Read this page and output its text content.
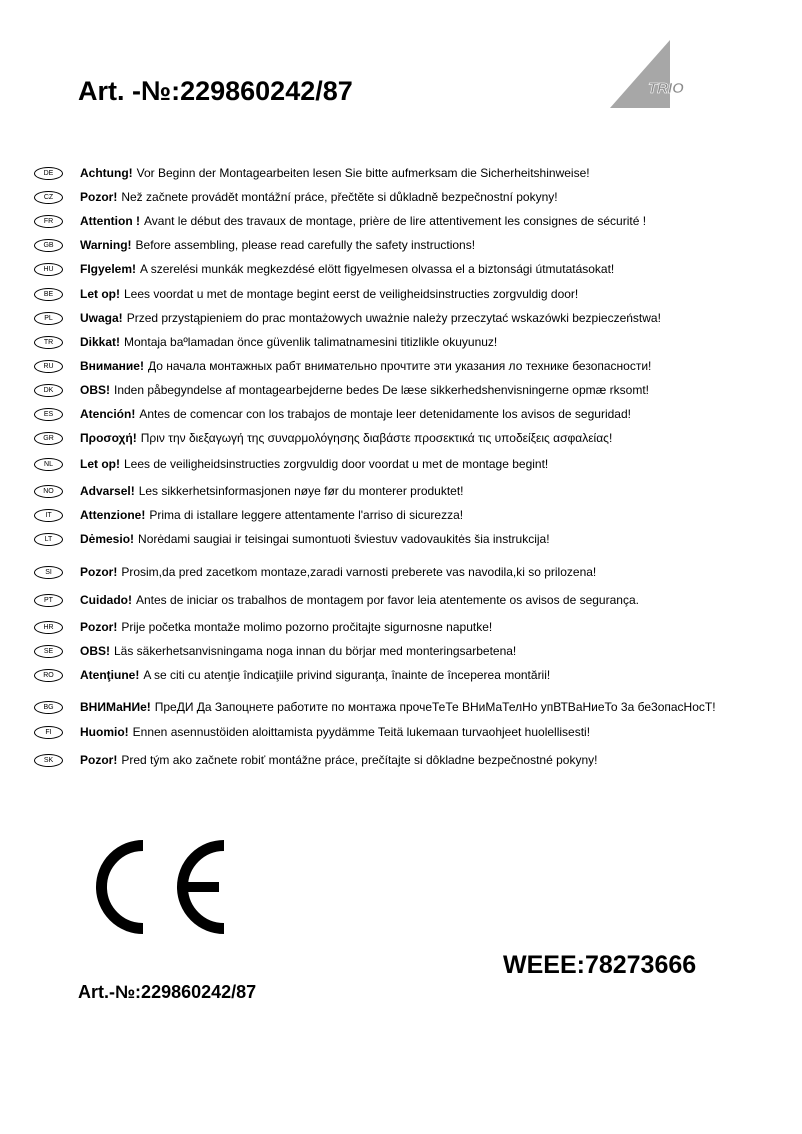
Art. -№:229860242/87	TRIO
DE	Achtung! Vor Beginn der Montagearbeiten lesen Sie bitte aufmerksam die Sicherheitshinweise!
CZ	Pozor! Než začnete provádět montážní práce, přečtěte si důkladně bezpečnostní pokyny!
FR	Attention ! Avant le début des travaux de montage, prière de lire attentivement les consignes de sécurité !
GB	Warning! Before assembling, please read carefully the safety instructions!
HU	FIgyelem! A szerelési munkák megkezdésé elött figyelmesen olvassa el a biztonsági útmutatásokat!
BE	Let op! Lees voordat u met de montage begint eerst de veiligheidsinstructies zorgvuldig door!
PL	Uwaga! Przed przystąpieniem do prac montażowych uważnie należy przeczytać wskazówki bezpieczeństwa!
TR	Dikkat! Montaja baºlamadan önce güvenlik talimatnamesini titizlikle okuyunuz!
RU	Внимание! До начала монтажных рабт внимательно прочтите эти указания ло технике безопасности!
DK	OBS! Inden påbegyndelse af montagearbejderne bedes De læse sikkerhedshenvisningerne opmæ rksomt!
ES	Atención! Antes de comencar con los trabajos de montaje leer detenidamente los avisos de seguridad!
GR	Προσοχή! Πριν την διεξαγωγή της συναρμολόγησης διαβάστε προσεκτικά τις υποδείξεις ασφαλείας!
NL	Let op! Lees de veiligheidsinstructies zorgvuldig door voordat u met de montage begint!
NO	Advarsel! Les sikkerhetsinformasjonen nøye før du monterer produktet!
IT	Attenzione! Prima di istallare leggere attentamente l'arriso di sicurezza!
LT	Dėmesio! Norėdami saugiai ir teisingai sumontuoti šviestuv vadovaukitės šia instrukcija!
SI	Pozor! Prosim,da pred zacetkom montaze,zaradi varnosti preberete vas navodila,ki so prilozena!
PT	Cuidado! Antes de iniciar os trabalhos de montagem por favor leia atentemente os avisos de segurança.
HR	Pozor! Prije početka montaže molimo pozorno pročitajte sigurnosne naputke!
SE	OBS! Läs säkerhetsanvisningama noga innan du börjar med monteringsarbetena!
RO	Atenţiune! A se citi cu atenţie îndicaţiile privind siguranţa, înainte de începerea montării!
BG	ВНИМаНИе! ПреДИ Да Запоцнете работите по монтажа прочеТеТе ВНиМаТелНо упВТВаНиеТо 3а бе3опасНосТ!
FI	Huomio! Ennen asennustöiden aloittamista pyydämme Teitä lukemaan turvaohjeet huolellisesti!
SK	Pozor! Pred tým ako začnete robiť montážne práce, prečítajte si dôkladne bezpečnostné pokyny!
Art.-№:229860242/87
WEEE:78273666
